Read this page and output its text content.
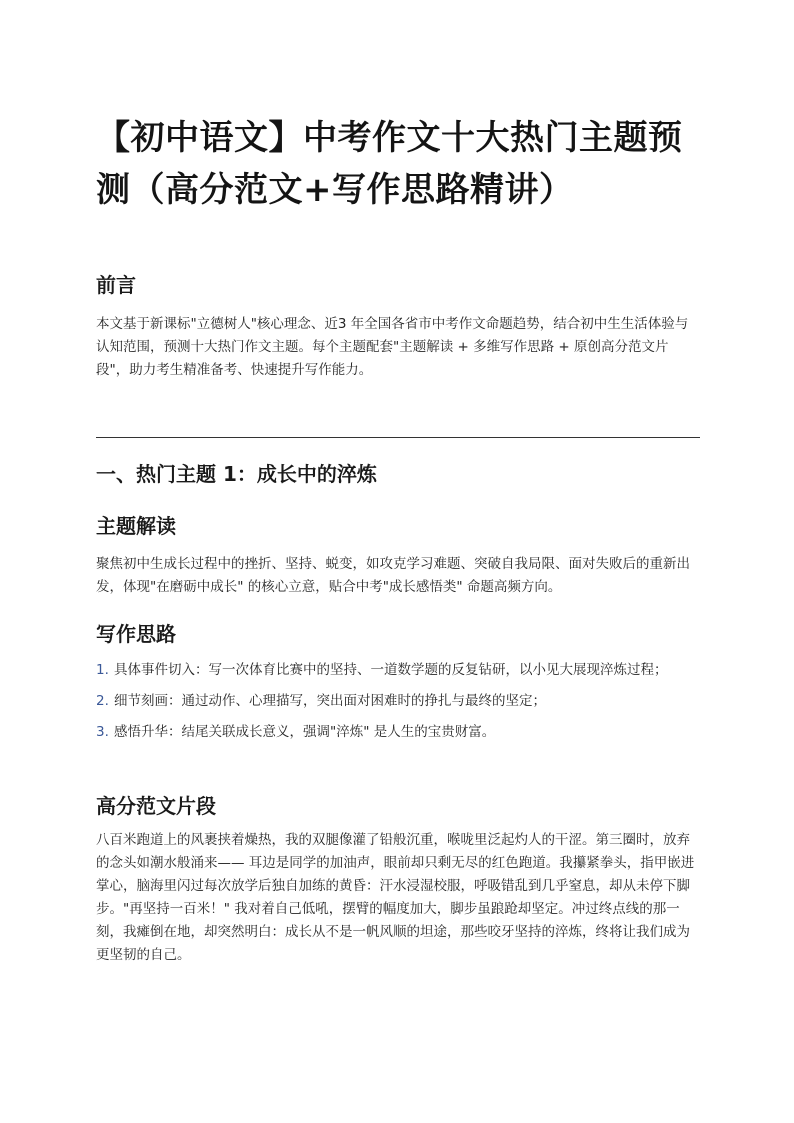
【初中语文】中考作文十大热门主题预测（高分范文+写作思路精讲）
前言

本文基于新课标"立德树人"核心理念、近3 年全国各省市中考作文命题趋势，结合初中生生活体验与认知范围，预测十大热门作文主题。每个主题配套"主题解读 + 多维写作思路 + 原创高分范文片段"，助力考生精准备考、快速提升写作能力。

一、热门主题 1：成长中的淬炼
主题解读

聚焦初中生成长过程中的挫折、坚持、蜕变，如攻克学习难题、突破自我局限、面对失败后的重新出发，体现"在磨砺中成长" 的核心立意，贴合中考"成长感悟类" 命题高频方向。

写作思路
1. 具体事件切入：写一次体育比赛中的坚持、一道数学题的反复钻研，以小见大展现淬炼过程；
2. 细节刻画：通过动作、心理描写，突出面对困难时的挣扎与最终的坚定；
3. 感悟升华：结尾关联成长意义，强调"淬炼" 是人生的宝贵财富。
高分范文片段

八百米跑道上的风裹挟着燥热，我的双腿像灌了铅般沉重，喉咙里泛起灼人的干涩。第三圈时，放弃的念头如潮水般涌来—— 耳边是同学的加油声，眼前却只剩无尽的红色跑道。我攥紧拳头，指甲嵌进掌心，脑海里闪过每次放学后独自加练的黄昏：汗水浸湿校服，呼吸错乱到几乎窒息，却从未停下脚步。"再坚持一百米！" 我对着自己低吼，摆臂的幅度加大，脚步虽踉跄却坚定。冲过终点线的那一刻，我瘫倒在地，却突然明白：成长从不是一帆风顺的坦途，那些咬牙坚持的淬炼，终将让我们成为更坚韧的自己。
